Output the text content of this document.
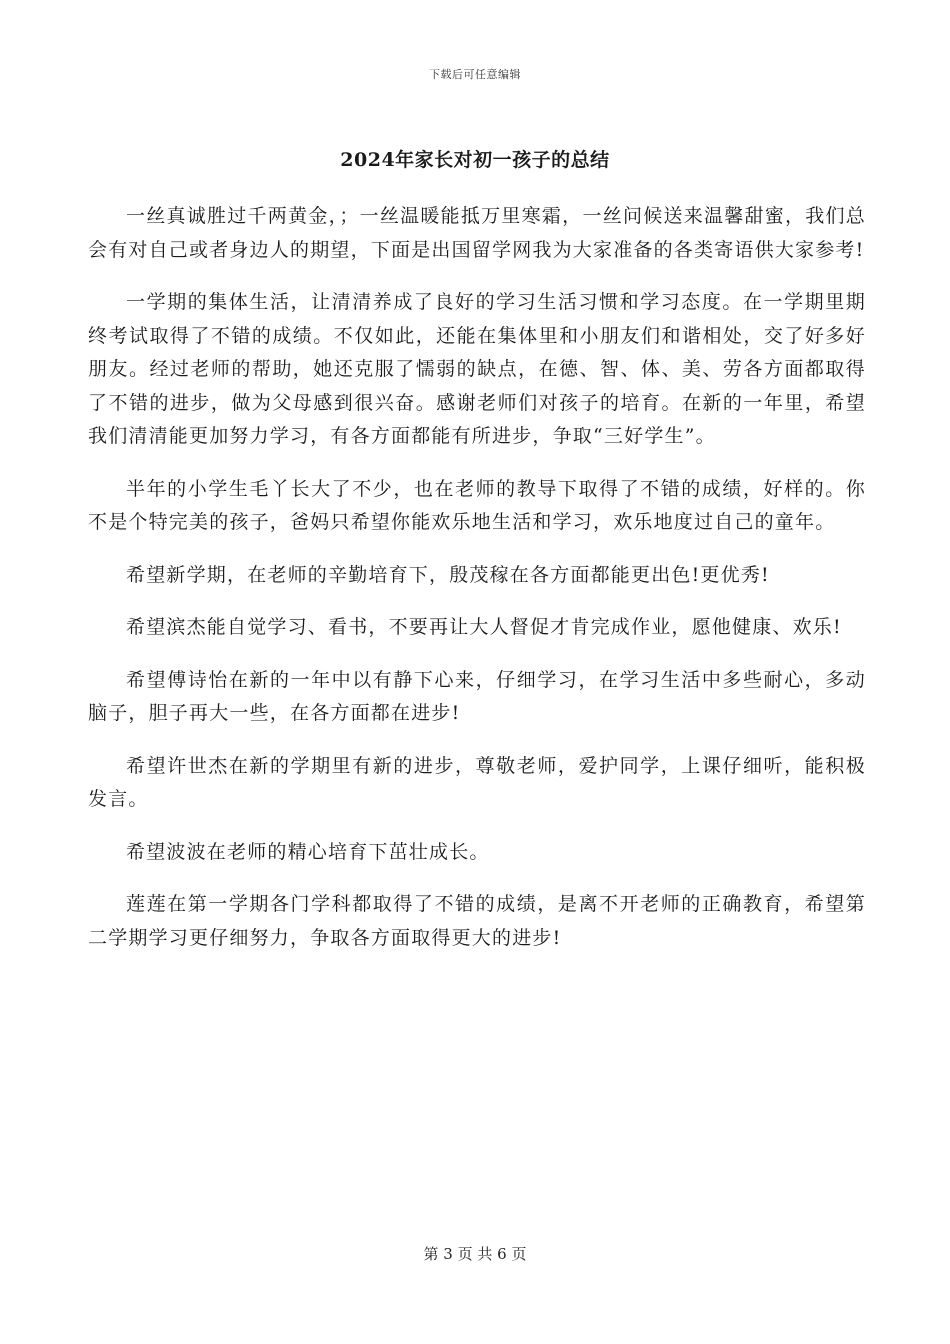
下载后可任意编辑
2024年家长对初一孩子的总结

一丝真诚胜过千两黄金，；一丝温暖能抵万里寒霜，一丝问候送来温馨甜蜜，我们总会有对自己或者身边人的期望，下面是出国留学网我为大家准备的各类寄语供大家参考!

一学期的集体生活，让清清养成了良好的学习生活习惯和学习态度。在一学期里期终考试取得了不错的成绩。不仅如此，还能在集体里和小朋友们和谐相处，交了好多好朋友。经过老师的帮助，她还克服了懦弱的缺点，在德、智、体、美、劳各方面都取得了不错的进步，做为父母感到很兴奋。感谢老师们对孩子的培育。在新的一年里，希望我们清清能更加努力学习，有各方面都能有所进步，争取“三好学生”。

半年的小学生毛丫长大了不少，也在老师的教导下取得了不错的成绩，好样的。你不是个特完美的孩子，爸妈只希望你能欢乐地生活和学习，欢乐地度过自己的童年。

希望新学期，在老师的辛勤培育下，殷茂稼在各方面都能更出色!更优秀!

希望滨杰能自觉学习、看书，不要再让大人督促才肯完成作业，愿他健康、欢乐!

希望傅诗怡在新的一年中以有静下心来，仔细学习，在学习生活中多些耐心，多动脑子，胆子再大一些，在各方面都在进步!

希望许世杰在新的学期里有新的进步，尊敬老师，爱护同学，上课仔细听，能积极发言。

希望波波在老师的精心培育下茁壮成长。

莲莲在第一学期各门学科都取得了不错的成绩，是离不开老师的正确教育，希望第二学期学习更仔细努力，争取各方面取得更大的进步!

第 3 页 共 6 页
